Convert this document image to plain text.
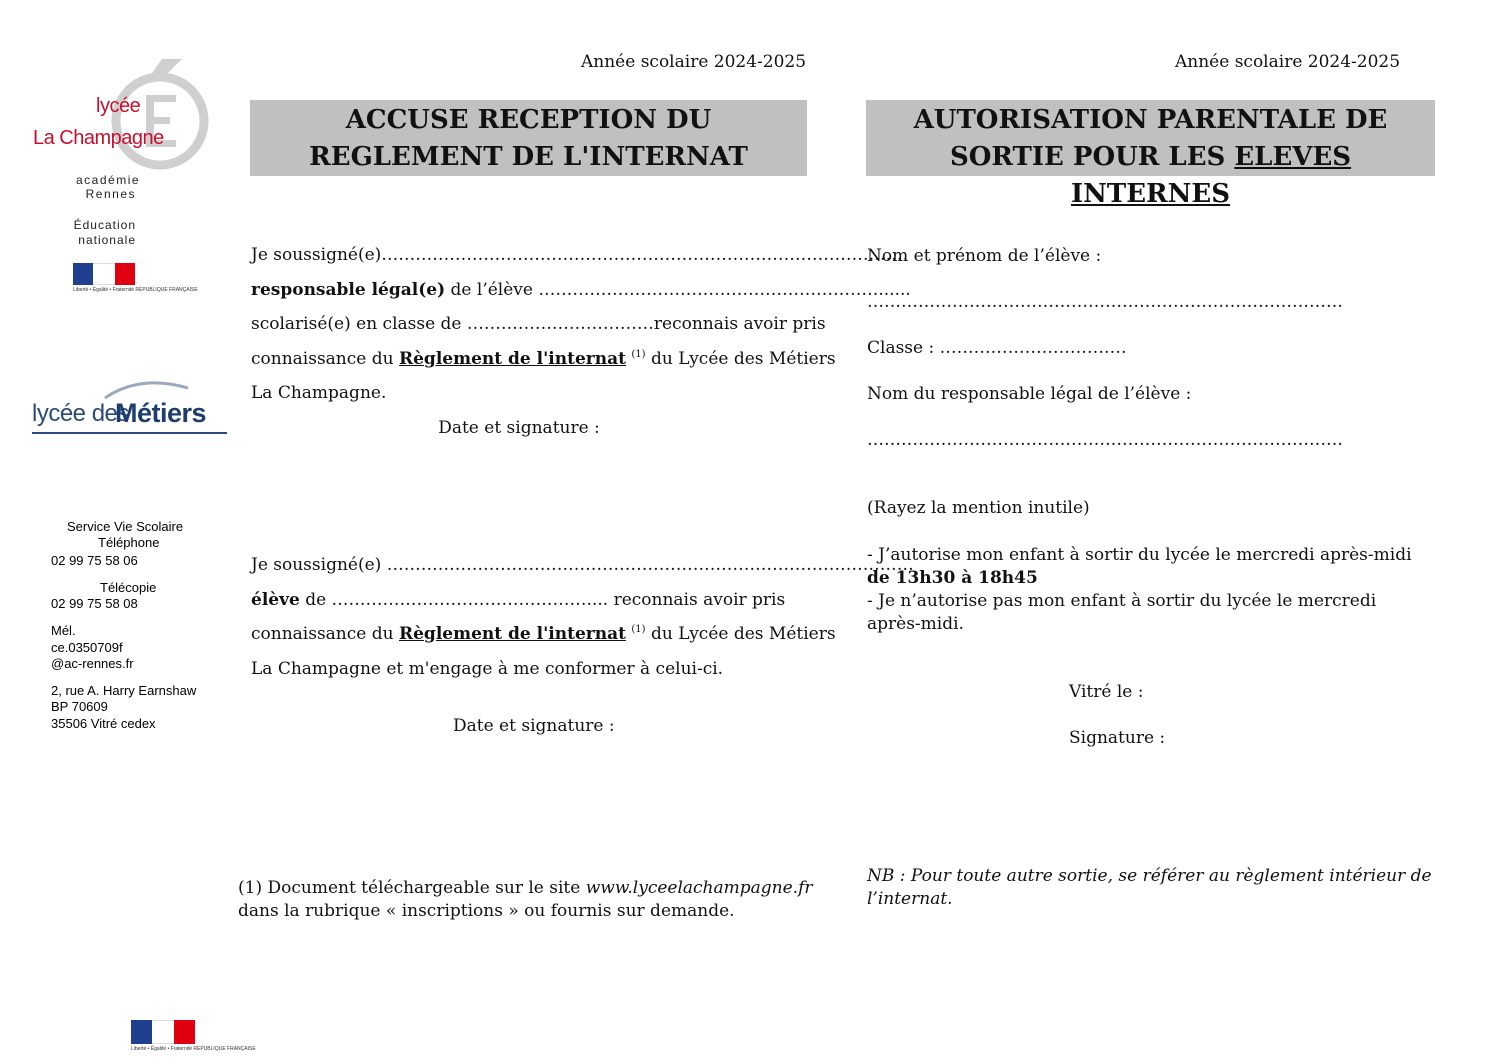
lycée
La Champagne
académie
Rennes
Éducation
nationale
Liberté • Égalité • Fraternité RÉPUBLIQUE FRANÇAISE
lycée des
Métiers
Service Vie Scolaire
Téléphone
02 99 75 58 06
Télécopie
02 99 75 58 08
Mél.
ce.0350709f
@ac-rennes.fr
2, rue A. Harry Earnshaw
BP 70609
35506 Vitré cedex
Liberté • Égalité • Fraternité RÉPUBLIQUE FRANÇAISE
Année scolaire 2024-2025
ACCUSE RECEPTION DU
REGLEMENT DE L'INTERNAT
Je soussigné(e)…………………………………………………………………………………
responsable légal(e) de l’élève ……………………………………………………......
scolarisé(e) en classe de …………………………… reconnais avoir pris
connaissance du Règlement de l'internat $^{(1)}$ du Lycée des Métiers
La Champagne.
Date et signature :
Je soussigné(e) …………………………………………………………………………………
élève de ……………………………………….... reconnais avoir pris
connaissance du Règlement de l'internat $^{(1)}$ du Lycée des Métiers
La Champagne et m'engage à me conformer à celui-ci.
Date et signature :
(1) Document téléchargeable sur le site www.lyceelachampagne.fr
dans la rubrique « inscriptions » ou fournis sur demande.
Année scolaire 2024-2025
AUTORISATION PARENTALE DE
SORTIE POUR LES ELEVES INTERNES
Nom et prénom de l’élève :
…………………………………………………………………………
Classe : ……………………………
Nom du responsable légal de l’élève :
…………………………………………………………………………
(Rayez la mention inutile)
- J’autorise mon enfant à sortir du lycée le mercredi après-midi
de 13h30 à 18h45
- Je n’autorise pas mon enfant à sortir du lycée le mercredi
après-midi.
Vitré le :
Signature :
NB : Pour toute autre sortie, se référer au règlement intérieur de
l’internat.
